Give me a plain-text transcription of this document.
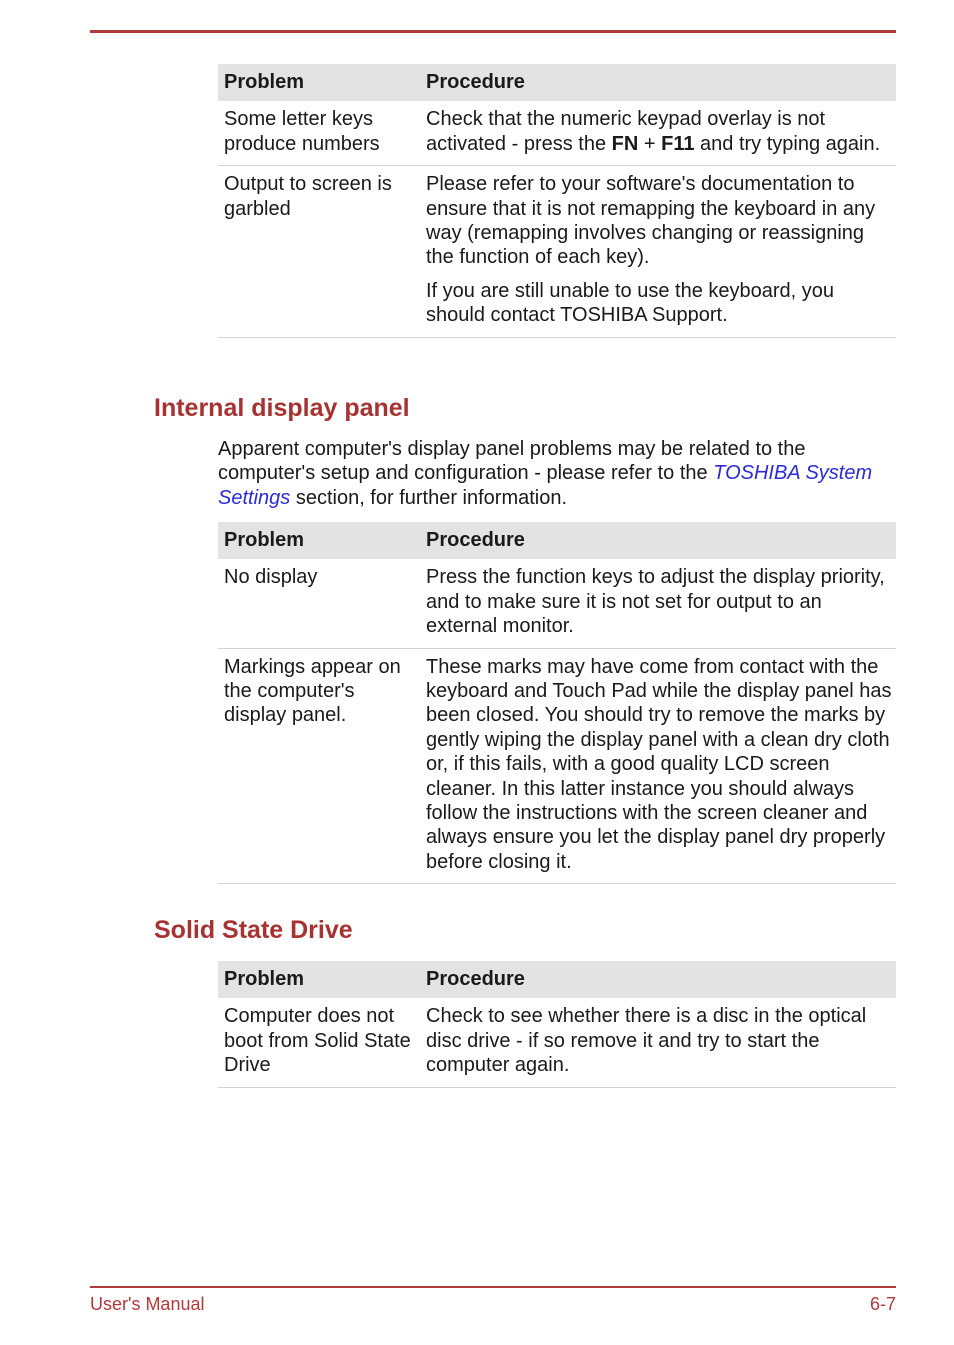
Problem	Procedure
Some letter keys produce numbers	Check that the numeric keypad overlay is not activated - press the FN + F11 and try typing again.
Output to screen is garbled	Please refer to your software's documentation to ensure that it is not remapping the keyboard in any way (remapping involves changing or reassigning the function of each key).

If you are still unable to use the keyboard, you should contact TOSHIBA Support.

Internal display panel

Apparent computer's display panel problems may be related to the computer's setup and configuration - please refer to the TOSHIBA System Settings section, for further information.

Problem	Procedure
No display	Press the function keys to adjust the display priority, and to make sure it is not set for output to an external monitor.
Markings appear on the computer's display panel.	These marks may have come from contact with the keyboard and Touch Pad while the display panel has been closed. You should try to remove the marks by gently wiping the display panel with a clean dry cloth or, if this fails, with a good quality LCD screen cleaner. In this latter instance you should always follow the instructions with the screen cleaner and always ensure you let the display panel dry properly before closing it.
Solid State Drive
Problem	Procedure
Computer does not boot from Solid State Drive	Check to see whether there is a disc in the optical disc drive - if so remove it and try to start the computer again.
User's Manual	6-7
